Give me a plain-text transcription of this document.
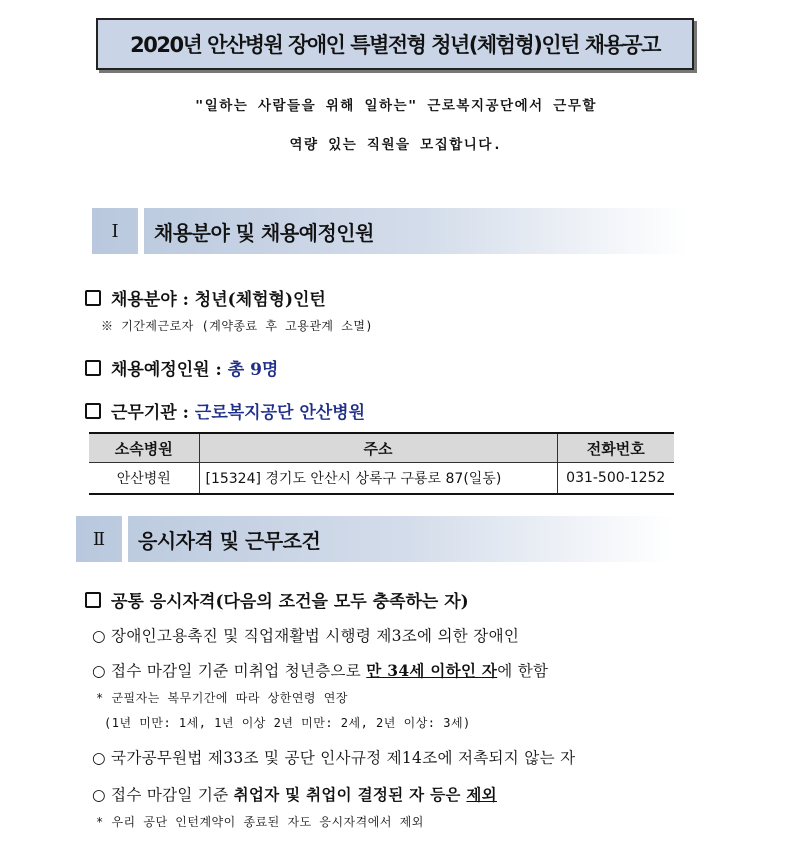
2020년 안산병원 장애인 특별전형 청년(체험형)인턴 채용공고
"일하는 사람들을 위해 일하는" 근로복지공단에서 근무할
역량 있는 직원을 모집합니다.
Ⅰ	채용분야 및 채용예정인원
채용분야 : 청년(체험형)인턴
※ 기간제근로자 (계약종료 후 고용관계 소멸)
채용예정인원 : 총 9명
근무기관 : 근로복지공단 안산병원
소속병원	주소	전화번호
안산병원	[15324] 경기도 안산시 상록구 구룡로 87(일동)	031-500-1252
Ⅱ	응시자격 및 근무조건
공통 응시자격(다음의 조건을 모두 충족하는 자)
○ 장애인고용촉진 및 직업재활법 시행령 제3조에 의한 장애인
○ 접수 마감일 기준 미취업 청년층으로 만 34세 이하인 자에 한함
* 군필자는 복무기간에 따라 상한연령 연장
(1년 미만: 1세, 1년 이상 2년 미만: 2세, 2년 이상: 3세)
○ 국가공무원법 제33조 및 공단 인사규정 제14조에 저촉되지 않는 자
○ 접수 마감일 기준 취업자 및 취업이 결정된 자 등은 제외
* 우리 공단 인턴계약이 종료된 자도 응시자격에서 제외
